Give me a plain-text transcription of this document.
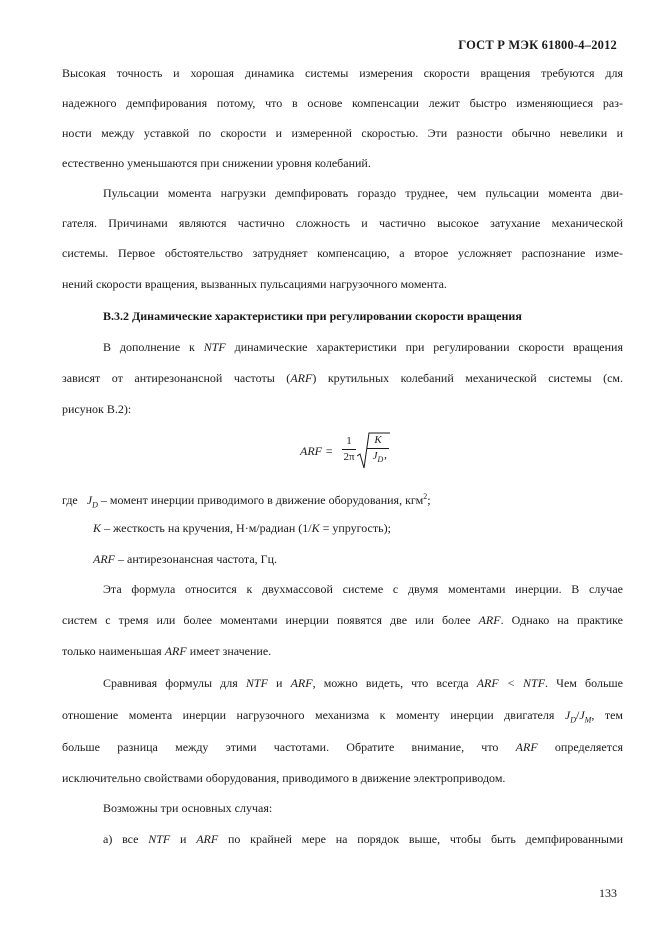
ГОСТ Р МЭК 61800-4–2012
Высокая точность и хорошая динамика системы измерения скорости вращения требуются для
надежного демпфирования потому, что в основе компенсации лежит быстро изменяющиеся раз-
ности между уставкой по скорости и измеренной скоростью. Эти разности обычно невелики и
естественно уменьшаются при снижении уровня колебаний.
Пульсации момента нагрузки демпфировать гораздо труднее, чем пульсации момента дви-
гателя. Причинами являются частично сложность и частично высокое затухание механической
системы. Первое обстоятельство затрудняет компенсацию, а второе усложняет распознание изме-
нений скорости вращения, вызванных пульсациями нагрузочного момента.
В.3.2 Динамические характеристики при регулировании скорости вращения
В дополнение к NTF динамические характеристики при регулировании скорости вращения
зависят от антирезонансной частоты (ARF) крутильных колебаний механической системы (см.
рисунок В.2):
ARF =
1
2π
K
$J_D$ ,
где $J_D$ – момент инерции приводимого в движение оборудования, кгм$^2$;
K – жесткость на кручения, Н·м/радиан (1/K = упругость);
ARF – антирезонансная частота, Гц.
Эта формула относится к двухмассовой системе с двумя моментами инерции. В случае
систем с тремя или более моментами инерции появятся две или более ARF. Однако на практике
только наименьшая ARF имеет значение.
Сравнивая формулы для NTF и ARF, можно видеть, что всегда ARF < NTF. Чем больше
отношение момента инерции нагрузочного механизма к моменту инерции двигателя $J_D/J_M$, тем
больше разница между этими частотами. Обратите внимание, что ARF определяется
исключительно свойствами оборудования, приводимого в движение электроприводом.
Возможны три основных случая:
а) все NTF и ARF по крайней мере на порядок выше, чтобы быть демпфированными
133
